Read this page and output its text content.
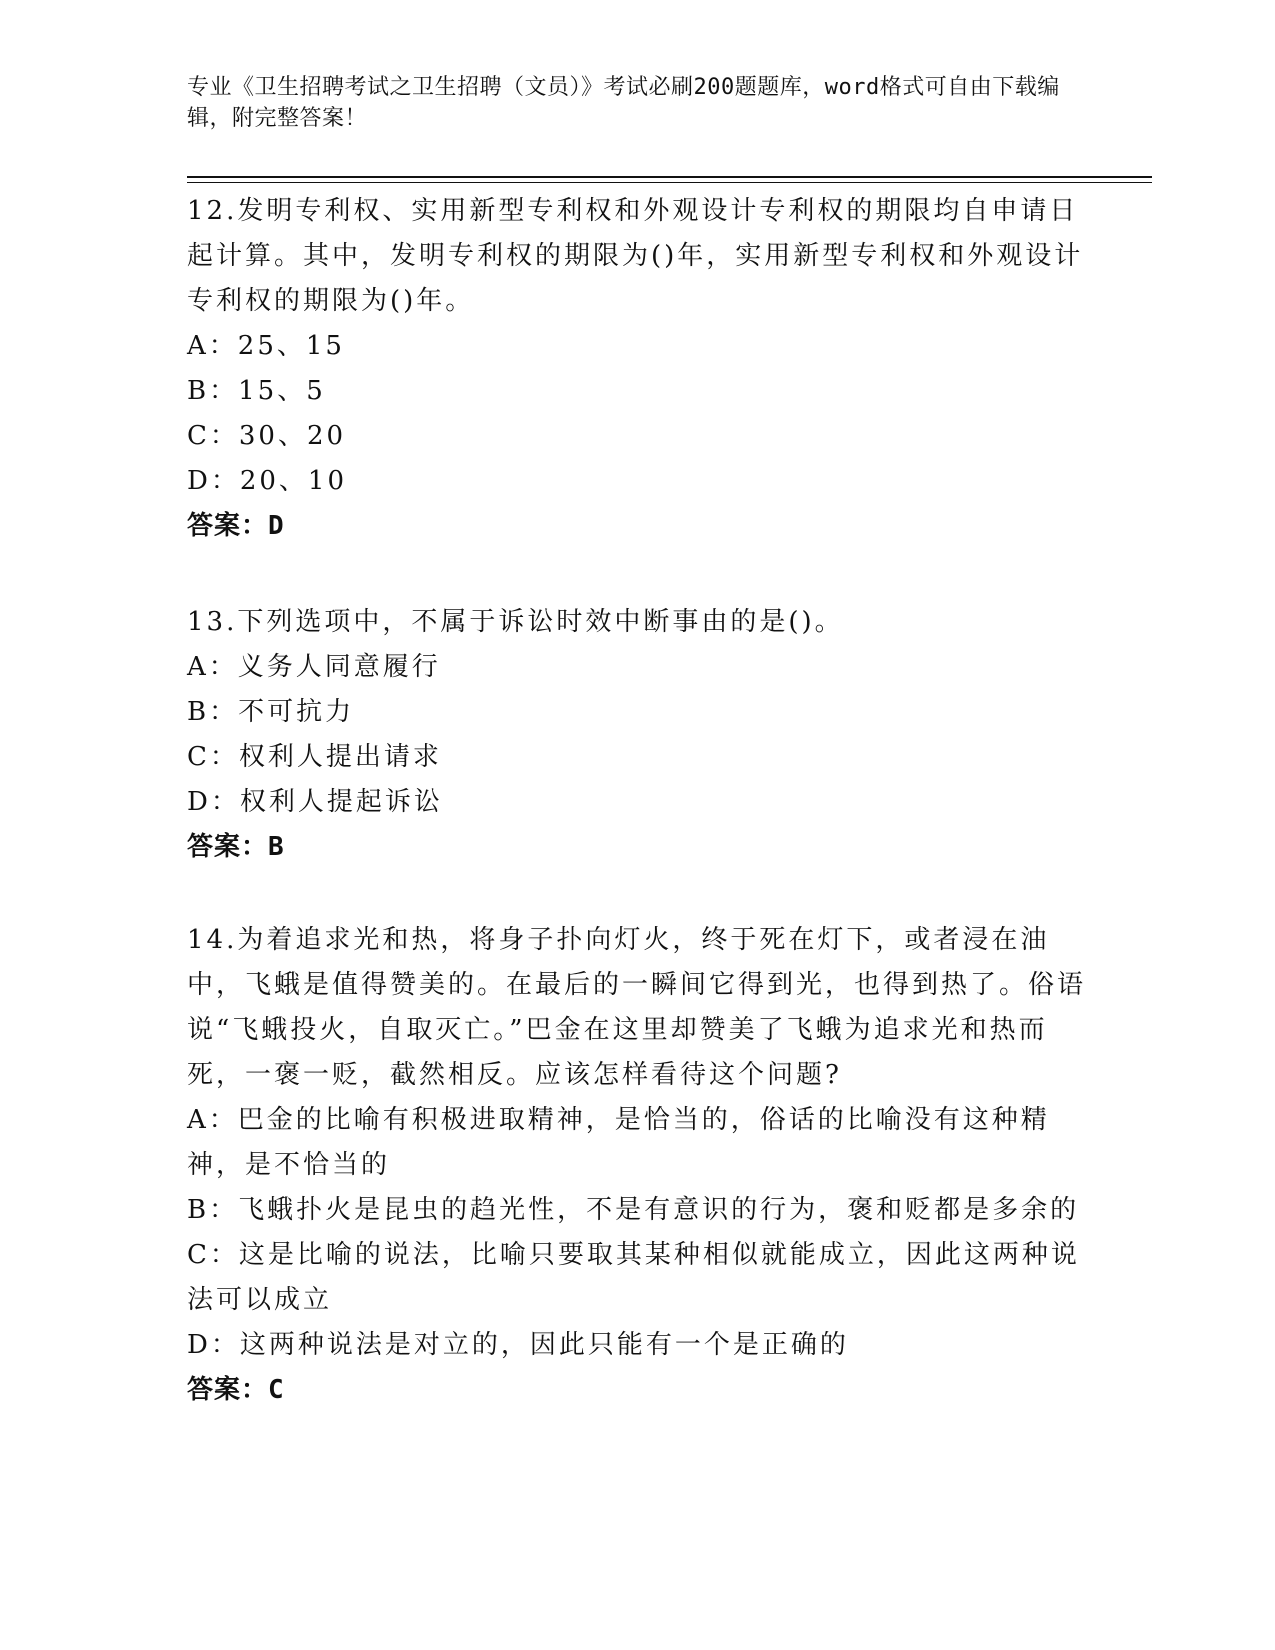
专业《卫生招聘考试之卫生招聘（文员）》考试必刷200题题库，word格式可自由下载编辑，附完整答案！
12.发明专利权、实用新型专利权和外观设计专利权的期限均自申请日起计算。其中，发明专利权的期限为()年，实用新型专利权和外观设计专利权的期限为()年。
A：25、15
B：15、5
C：30、20
D：20、10
答案：D
13.下列选项中，不属于诉讼时效中断事由的是()。
A：义务人同意履行
B：不可抗力
C：权利人提出请求
D：权利人提起诉讼
答案：B
14.为着追求光和热，将身子扑向灯火，终于死在灯下，或者浸在油中，飞蛾是值得赞美的。在最后的一瞬间它得到光，也得到热了。俗语说“飞蛾投火，自取灭亡。”巴金在这里却赞美了飞蛾为追求光和热而死，一褒一贬，截然相反。应该怎样看待这个问题?
A：巴金的比喻有积极进取精神，是恰当的，俗话的比喻没有这种精神，是不恰当的
B：飞蛾扑火是昆虫的趋光性，不是有意识的行为，褒和贬都是多余的
C：这是比喻的说法，比喻只要取其某种相似就能成立，因此这两种说法可以成立
D：这两种说法是对立的，因此只能有一个是正确的
答案：C
